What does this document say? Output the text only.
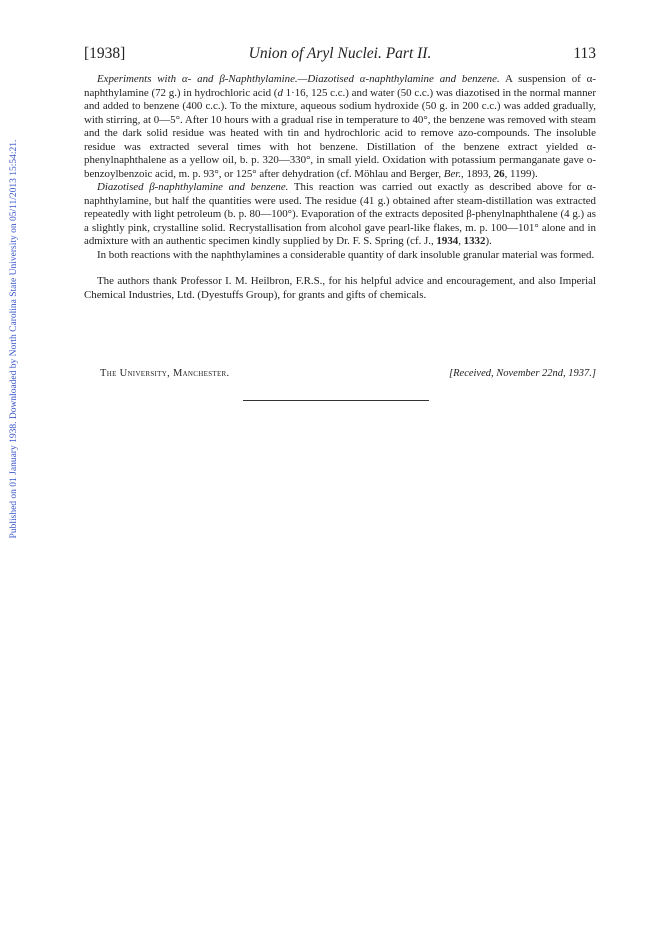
Published on 01 January 1938. Downloaded by North Carolina State University on 05/11/2013 15:54:21.
[1938]	Union of Aryl Nuclei. Part II.	113

Experiments with α- and β-Naphthylamine.—Diazotised α-naphthylamine and benzene. A suspension of α-naphthylamine (72 g.) in hydrochloric acid (d 1·16, 125 c.c.) and water (50 c.c.) was diazotised in the normal manner and added to benzene (400 c.c.). To the mixture, aqueous sodium hydroxide (50 g. in 200 c.c.) was added gradually, with stirring, at 0—5°. After 10 hours with a gradual rise in temperature to 40°, the benzene was removed with steam and the dark solid residue was heated with tin and hydrochloric acid to remove azo-compounds. The insoluble residue was extracted several times with hot benzene. Distillation of the benzene extract yielded α-phenylnaphthalene as a yellow oil, b. p. 320—330°, in small yield. Oxidation with potassium permanganate gave o-benzoylbenzoic acid, m. p. 93°, or 125° after dehydration (cf. Möhlau and Berger, Ber., 1893, 26, 1199).

Diazotised β-naphthylamine and benzene. This reaction was carried out exactly as described above for α-naphthylamine, but half the quantities were used. The residue (41 g.) obtained after steam-distillation was extracted repeatedly with light petroleum (b. p. 80—100°). Evaporation of the extracts deposited β-phenylnaphthalene (4 g.) as a slightly pink, crystalline solid. Recrystallisation from alcohol gave pearl-like flakes, m. p. 100—101° alone and in admixture with an authentic specimen kindly supplied by Dr. F. S. Spring (cf. J., 1934, 1332).

In both reactions with the naphthylamines a considerable quantity of dark insoluble granular material was formed.

The authors thank Professor I. M. Heilbron, F.R.S., for his helpful advice and encouragement, and also Imperial Chemical Industries, Ltd. (Dyestuffs Group), for grants and gifts of chemicals.

The University, Manchester.	[Received, November 22nd, 1937.]
